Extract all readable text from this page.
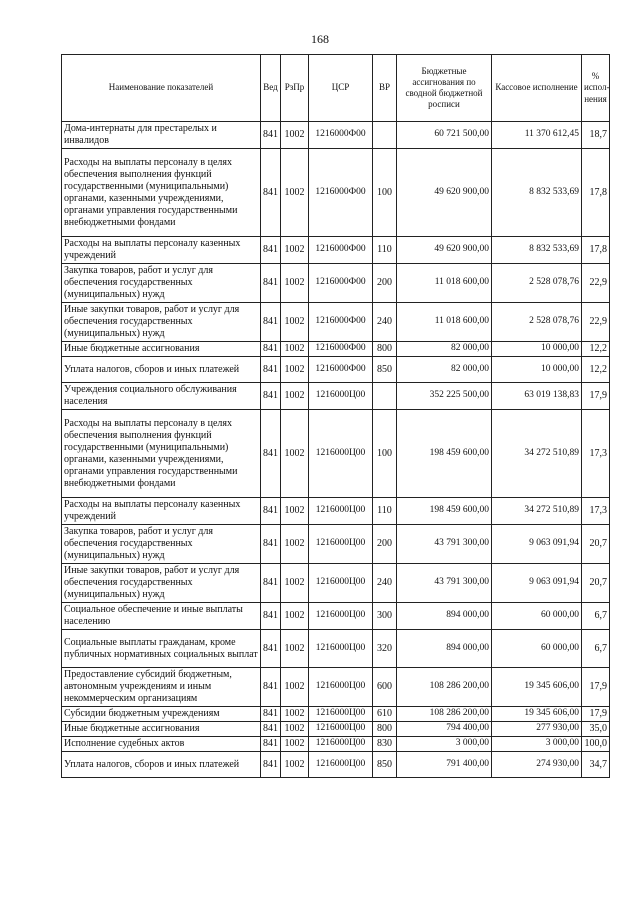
168
Наименование показателей	Вед	РзПр	ЦСР	ВР	Бюджетные ассигнования по сводной бюджетной росписи	Кассовое исполнение	% испол-нения
Дома-интернаты для престарелых и инвалидов	841	1002	1216000Ф00		60 721 500,00	11 370 612,45	18,7
Расходы на выплаты персоналу в целях обеспечения выполнения функций государственными (муниципальными) органами, казенными учреждениями, органами управления государственными внебюджетными фондами	841	1002	1216000Ф00	100	49 620 900,00	8 832 533,69	17,8
Расходы на выплаты персоналу казенных учреждений	841	1002	1216000Ф00	110	49 620 900,00	8 832 533,69	17,8
Закупка товаров, работ и услуг для обеспечения государственных (муниципальных) нужд	841	1002	1216000Ф00	200	11 018 600,00	2 528 078,76	22,9
Иные закупки товаров, работ и услуг для обеспечения государственных (муниципальных) нужд	841	1002	1216000Ф00	240	11 018 600,00	2 528 078,76	22,9
Иные бюджетные ассигнования	841	1002	1216000Ф00	800	82 000,00	10 000,00	12,2
Уплата налогов, сборов и иных платежей	841	1002	1216000Ф00	850	82 000,00	10 000,00	12,2
Учреждения социального обслуживания населения	841	1002	1216000Ц00		352 225 500,00	63 019 138,83	17,9
Расходы на выплаты персоналу в целях обеспечения выполнения функций государственными (муниципальными) органами, казенными учреждениями, органами управления государственными внебюджетными фондами	841	1002	1216000Ц00	100	198 459 600,00	34 272 510,89	17,3
Расходы на выплаты персоналу казенных учреждений	841	1002	1216000Ц00	110	198 459 600,00	34 272 510,89	17,3
Закупка товаров, работ и услуг для обеспечения государственных (муниципальных) нужд	841	1002	1216000Ц00	200	43 791 300,00	9 063 091,94	20,7
Иные закупки товаров, работ и услуг для обеспечения государственных (муниципальных) нужд	841	1002	1216000Ц00	240	43 791 300,00	9 063 091,94	20,7
Социальное обеспечение и иные выплаты населению	841	1002	1216000Ц00	300	894 000,00	60 000,00	6,7
Социальные выплаты гражданам, кроме публичных нормативных социальных выплат	841	1002	1216000Ц00	320	894 000,00	60 000,00	6,7
Предоставление субсидий бюджетным, автономным учреждениям и иным некоммерческим организациям	841	1002	1216000Ц00	600	108 286 200,00	19 345 606,00	17,9
Субсидии бюджетным учреждениям	841	1002	1216000Ц00	610	108 286 200,00	19 345 606,00	17,9
Иные бюджетные ассигнования	841	1002	1216000Ц00	800	794 400,00	277 930,00	35,0
Исполнение судебных актов	841	1002	1216000Ц00	830	3 000,00	3 000,00	100,0
Уплата налогов, сборов и иных платежей	841	1002	1216000Ц00	850	791 400,00	274 930,00	34,7
